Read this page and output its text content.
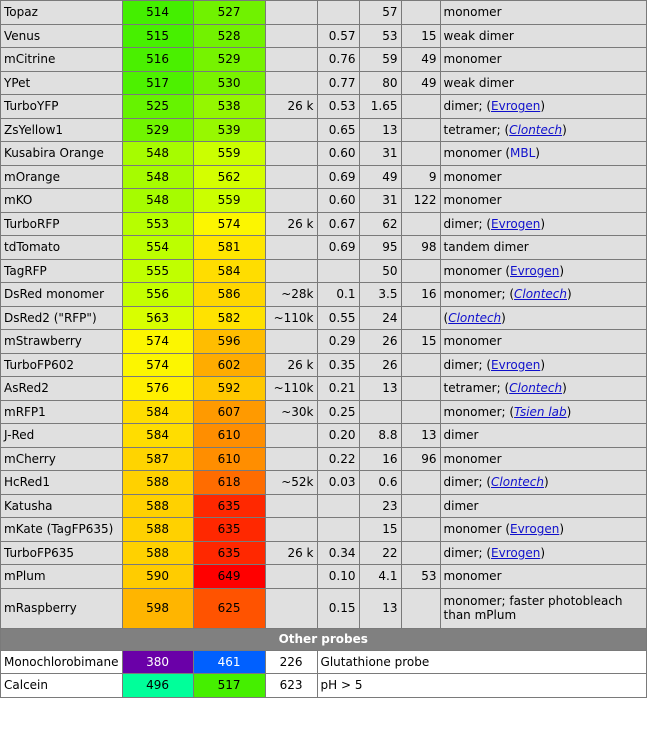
Topaz	514	527			57		monomer
Venus	515	528		0.57	53	15	weak dimer
mCitrine	516	529		0.76	59	49	monomer
YPet	517	530		0.77	80	49	weak dimer
TurboYFP	525	538	26 k	0.53	1.65		dimer; (Evrogen)
ZsYellow1	529	539		0.65	13		tetramer; (Clontech)
Kusabira Orange	548	559		0.60	31		monomer (MBL)
mOrange	548	562		0.69	49	9	monomer
mKO	548	559		0.60	31	122	monomer
TurboRFP	553	574	26 k	0.67	62		dimer; (Evrogen)
tdTomato	554	581		0.69	95	98	tandem dimer
TagRFP	555	584			50		monomer (Evrogen)
DsRed monomer	556	586	~28k	0.1	3.5	16	monomer; (Clontech)
DsRed2 ("RFP")	563	582	~110k	0.55	24		(Clontech)
mStrawberry	574	596		0.29	26	15	monomer
TurboFP602	574	602	26 k	0.35	26		dimer; (Evrogen)
AsRed2	576	592	~110k	0.21	13		tetramer; (Clontech)
mRFP1	584	607	~30k	0.25			monomer; (Tsien lab)
J-Red	584	610		0.20	8.8	13	dimer
mCherry	587	610		0.22	16	96	monomer
HcRed1	588	618	~52k	0.03	0.6		dimer; (Clontech)
Katusha	588	635			23		dimer
mKate (TagFP635)	588	635			15		monomer (Evrogen)
TurboFP635	588	635	26 k	0.34	22		dimer; (Evrogen)
mPlum	590	649		0.10	4.1	53	monomer
mRaspberry	598	625		0.15	13		monomer; faster photobleach than mPlum
Other probes							
Monochlorobimane	380	461	226	Glutathione probe			
Calcein	496	517	623	pH > 5			
